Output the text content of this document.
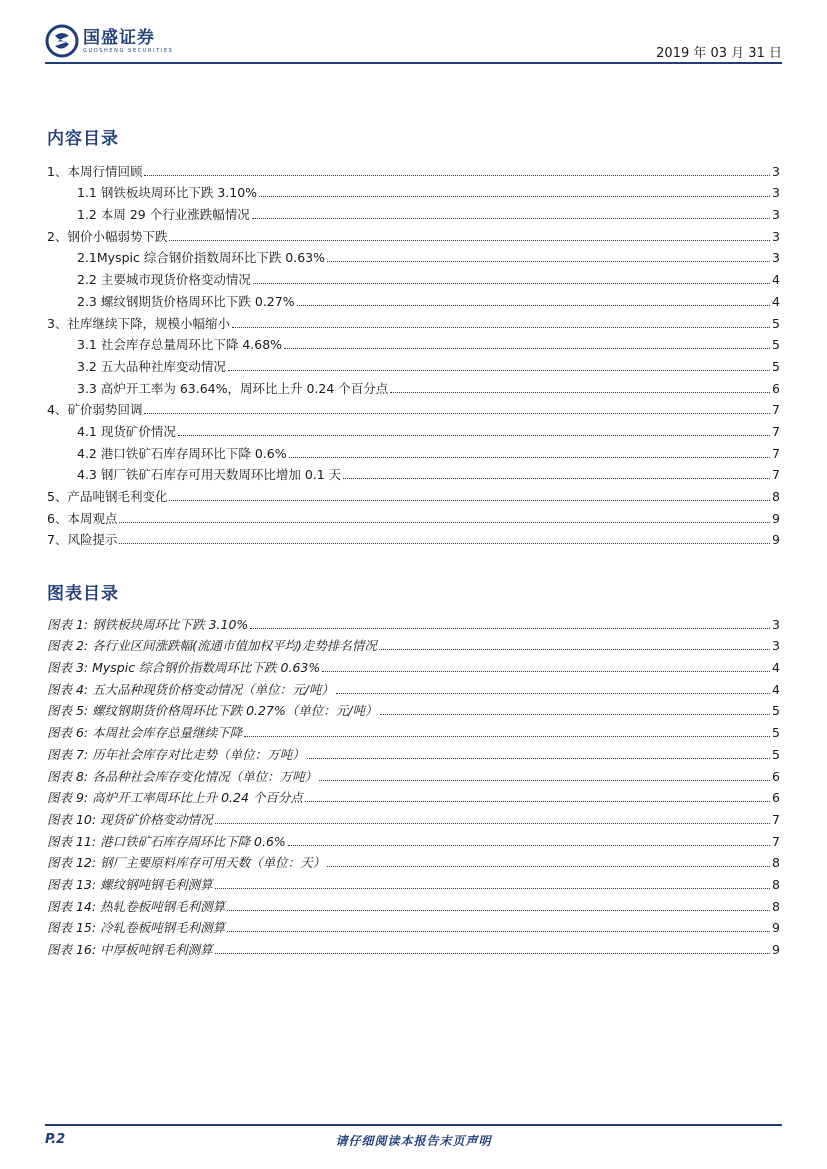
国盛证券
GUOSHENG SECURITIES	2019 年 03 月 31 日
内容目录
1、本周行情回顾	3
1.1 钢铁板块周环比下跌 3.10%	3
1.2 本周 29 个行业涨跌幅情况	3
2、钢价小幅弱势下跌	3
2.1Myspic 综合钢价指数周环比下跌 0.63%	3
2.2 主要城市现货价格变动情况	4
2.3 螺纹钢期货价格周环比下跌 0.27%	4
3、社库继续下降，规模小幅缩小	5
3.1 社会库存总量周环比下降 4.68%	5
3.2 五大品种社库变动情况	5
3.3 高炉开工率为 63.64%，周环比上升 0.24 个百分点	6
4、矿价弱势回调	7
4.1 现货矿价情况	7
4.2 港口铁矿石库存周环比下降 0.6%	7
4.3 钢厂铁矿石库存可用天数周环比增加 0.1 天	7
5、产品吨钢毛利变化	8
6、本周观点	9
7、风险提示	9
图表目录
图表 1: 钢铁板块周环比下跌 3.10%	3
图表 2: 各行业区间涨跌幅(流通市值加权平均)走势排名情况	3
图表 3: Myspic 综合钢价指数周环比下跌 0.63%	4
图表 4: 五大品种现货价格变动情况（单位：元/吨）	4
图表 5: 螺纹钢期货价格周环比下跌 0.27%（单位：元/吨）	5
图表 6: 本周社会库存总量继续下降	5
图表 7: 历年社会库存对比走势（单位：万吨）	5
图表 8: 各品种社会库存变化情况（单位：万吨）	6
图表 9: 高炉开工率周环比上升 0.24 个百分点	6
图表 10: 现货矿价格变动情况	7
图表 11: 港口铁矿石库存周环比下降 0.6%	7
图表 12: 钢厂主要原料库存可用天数（单位：天）	8
图表 13: 螺纹钢吨钢毛利测算	8
图表 14: 热轧卷板吨钢毛利测算	8
图表 15: 冷轧卷板吨钢毛利测算	9
图表 16: 中厚板吨钢毛利测算	9
P.2	请仔细阅读本报告末页声明
